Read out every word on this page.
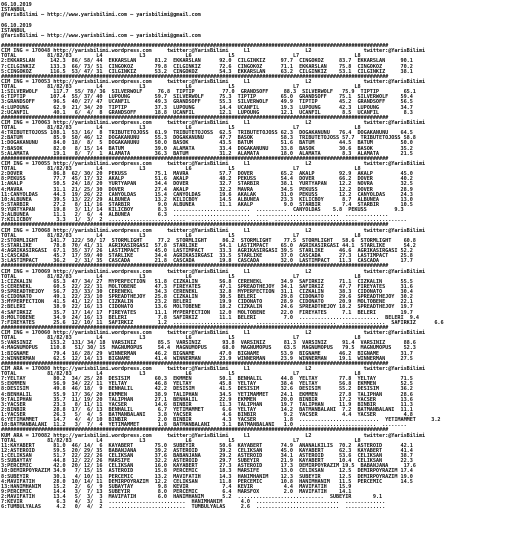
06.10.2019
ISTANBUL
@YarisBilimi — http://www.yarisbilimi.com — yarisbilimi@gmail.com

06.10.2019
ISTANBUL
@YarisBilimi — http://www.yarisbilimi.com — yarisbilimi@gmail.com

##############################################################################################################################
CIM ING = 170048 http://yarisbilimi.wordpress.com     twitter:@YarisBilimi     L1                  L2                 twitter:@YarisBilimi
TOTAL          81/82/83        L4            L3             L6            L5                   L7                  L8
2:EKKARSLAN     142.3  86/ 58/ 44  EKKARSLAN      81.2  EKKARSLAN      92.0  CILGINKIZ     97.7  CINGOKOZ     83.7  EKKARSLAN     90.1
7:CILGINKIZ     133.3  66/ 73/ 51  CINGOKOZ       79.8  CILGINKIZ      72.6  CINGOKOZ      71.1  EKKARSLAN    75.8  CINGOKOZ      70.2
5:CINGOKOZ      116.5  53/ 47/ 31  CILGINKIZ      53.2  CINGOKOZ       54.3  EKKARSLAN     63.2  CILGINKIZ    53.1  CILGINKIZ     38.1
##############################################################################################################################
CIM ING = 170053 http://yarisbilimi.wordpress.com     twitter:@YarisBilimi     L1                  L2                 twitter:@YarisBilimi
TOTAL          81/82/83        L4            L3             L6            L5                   L7                  L8
1:SILVERWOLF     117.7  55/ 78/ 36  SILVERWOLF     76.8  TIPTIP         77.0  GRANDSOFF     88.3  SILVERWOLF   75.9  TIPTIP        65.1
6:TIPTIP        107.4  55/ 37/ 40  LUPOUNG        59.7  SILVERWOLF     75.3  TIPTIP        65.0  GRANDSOFF    75.1  SILVERWOLF    59.4
3:GRANDSOFF      96.5  40/ 27/ 47  UCANFIL        49.3  GRANDSOFF      55.3  SILVERWOLF    49.9  TIPTIP       45.2  GRANDSOFF     56.5
4:LUPOUNG        62.9  21/ 34/ 20  TIPTIP         37.3  LUPOUNG        14.4  UCANFIL       19.3  LUPOUNG      42.3  LUPOUNG       34.7
2:UCANFIL        40.1   6/  4/  8  GRANDSOFF      18.8  UCANFIL        12.1  LUPOUNG       12.1  UCANFIL       8.5  UCANFIL        8.3
##############################################################################################################################
CIM ING = 170063 http://yarisbilimi.wordpress.com     twitter:@YarisBilimi     L1                  L2                 twitter:@YarisBilimi
TOTAL          81/82/83        L4            L3             L6            L5                   L7                  L8
4:TRIBUTETOJOSS 108.1  53/ 16/  8  TRIBUTETOJOSS  61.9  TRIBUTETOJOSS  62.5  TRIBUTETOJOSS 62.3  DOGAKANUNU   76.4  DOGAKANUNU    64.5
2:BATUM          85.9  50/ 46/ 12  DOGAKANUNU     55.3  DOGAKANUNU     47.7  BASOK         58.3  TRIBUTETOJOSS 57.7  TRIBUTETOJOSS 58.8
1:DOGAKANUNU     84.0  18/  8/  5  DOGAKANUNU     50.0  BASOK          43.5  BATUM         51.6  BATUM        44.5  BATUM         50.0
7:BASOK          82.0   8/ 15/ 14  BATUM          39.0  ALAMATA        33.4  DOGAKANUNU    33.8  BASOK        30.6  BASOK         35.2
5:ALAMATA        19.1   8/  7/  1  ALAMATA        36.3  BATUM          31.2  ALAMATA       18.0  ALAMATA       8.3  ALAMATA       21.5
##############################################################################################################################
CIM ING = 170055 http://yarisbilimi.wordpress.com     twitter:@YarisBilimi     L1                  L2                 twitter:@YarisBilimi
TOTAL          81/82/83        L4            L3             L6            L5                   L7                  L8
2:DOVER          86.8  62/ 30/ 20  PEKUSS         75.1  MAVRA          57.7  DOVER         65.2  AKALP        92.9  AKALP         45.0
8:PEKUSS         77.7  45/ 17/ 32  AKALP          51.6  AKALP          48.2  PEKUSS        54.4  DOVER        66.2  DOVER         40.2
1:AKALP          50.5  24/ 18/ 20  YURTYAPAN      34.4  DOVER          32.7  STARBIR       38.1  YURTYAPAN    12.2  NOVRA         32.5
4:MAVRA          31.1  21/ 25/ 30  DOVER          27.4  AKALP          32.2  MAVRA         34.5  PEKUSS       12.2  DOVER         28.9
11:CANYOLDAS     44.3  19/ 26/ 22  CANYOLDAS      15.4  CANYOLDAS      19.6  AKALAK        31.0  PEKUSS       12.2  CANYOLDAS     24.3
10:ALBUNEA       39.5  13/ 22/ 29  ALBUNEA        13.2  KILICBOY       14.5  ALBUNEA       23.3  KILICBOY      8.7  ALBUNEA       13.0
5:STARBIR        27.2   8/ 11/ 16  STARBIR         9.0  ALBUNEA        11.1  AKALP          9.0  STARBIR       7.4  STARBIR       10.5
9:YURTYAPAN      19.8   3/ 11/ 14  KILICBOY        8.3  .........................  ..........  CANYOLDAS    5.8  PEKUSS         9.3
3:ALBUNEA        11.1   2/  6/  4  ALBUNEA         6.3  .........................  ...........................  ..............
7:KILICBOY        3.3   1/  3/  2  .........................  .........................  ...........................  ..............
##############################################################################################################################
CIM ING = 170068 http://yarisbilimi.wordpress.com     twitter:@YarisBilimi     L1                  L2                 twitter:@YarisBilimi
TOTAL          81/82/83        L4            L3             L6            L5                   L7                  L8
2:STORMLIGHT    141.7  122/ 50/ 17  STORMLIGHT     77.2  STORMLIGHT     86.2  STORMLIGHT    77.5  STORMLIGHT   58.6  STORMLIGHT    60.8
5:STARLIKE       78.8  70/ 41/ 31  AGRIKASIRGASI  57.8  STARLIKE       54.1  LASTIMPACT    65.0  AGRIKASIRGASI 44.1  STARLIKE      54.2
4:AGRIKASIRGASI  67.1  35/ 37/ 26  LASTIMPACT     45.0  LASTIMPACT     33.3  AGRIKASIRGASI 39.5  STARLIKE     46.6  AGRIKASIRGASI 52.2
1:CASCADA        45.7  17/ 59/ 40  STARLIKE       34.4  AGRIKASIRGASI  33.5  STARLIKE      37.0  CASCADA      27.3  LASTIMPACT    25.8
3:LASTIMPACT     36.2   2/ 31/ 35  CASCADA        21.8  CASCADA        19.8  CASCADA       32.0  LASTIMPACT   11.3  CASCADA       17.7
##############################################################################################################################
CIM ING = 170069 http://yarisbilimi.wordpress.com     twitter:@YarisBilimi     L1                  L2                 twitter:@YarisBilimi
TOTAL          81/82/83        L4            L3             L6            L5                   L7                  L8
1:CIZKALIN       65.3  47/ 34/ 27  MYPERFECTION   51.8  CIZKALIN       56.8  CERENEKL      34.9  SAFIRKIZ     71.1  CIZKALIN      55.5
5:CERENEKL       60.5  22/ 22/ 31  MOLTOBENE      47.3  FIREYATES      47.1  SPREADTHEJOY  34.1  SAFIRKIZ     47.7  FIREYATES     31.6
9:SPREADTHEJOY   56.7  23/ 33/ 30  CERENEKL       34.3  CERENEKL       32.8  MYPERFECTION  31.1  CIZKALIN     38.3  CIDONATO      30.4
6:CIDONATO       49.1  22/ 23/ 10  SPREADTHEJOY   25.8  CIZKALIN       30.5  BELERI        29.8  CIDONATO     29.6  SPREADTHEJOY  30.2
3:MYPERFECTION   41.5  41/ 12/ 13  CIZKALIN       23.2  BELERI         19.9  CIDONATO      28.9  CIDONATO     20.9  MOLTOBENE     22.1
2:BELERI         38.9  22/ 16/ 13  CIDONATO       13.6  MOLTOBENE      18.2  CIZKALIN      24.6  SPREADTHEJOY 18.2  SPREADTHEJOY  19.7
4:SAFIRKIZ       35.7  17/ 14/ 17  FIREYATES      11.1  MYPERFECTION   12.0  MOLTOBENE     22.0  FIREYATES     7.1  BELERI        19.7
8:MOLTOBENE      34.9  24/ 16/ 13  BELERI          7.8  SAFIRKIZ       11.1  BELERI         7.0  ..........................  BELERI  9.4
7:FIREYATES      25.6  12/ 10/ 11  SAFIRKIZ        1.2  .........................  ..........................  ..............  SAFIRKIZ      6.6
##############################################################################################################################
CIM ING = 170060 http://yarisbilimi.wordpress.com     twitter:@YarisBilimi     L1                  L2                 twitter:@YarisBilimi
TOTAL          81/82/83        L4            L3             L6            L5                   L7                  L8
5:VARSINIZ      153.2  131/ 34/ 18  VARSINIZ       85.5  VARSINIZ       93.8  VARSINIZ      81.3  VARSINIZ     91.4  VARSINIZ      88.6
4:MAGNUMOPUS    110.8   51/ 30/ 15  MAGNUMOPUS     54.4  MAGNUMOPUS     68.0  MAGNUMOPUS    63.5  MAGNUMOPUS   79.5  MAGNUMOPUS    52.3
1:BIGNAME        79.4  16/ 28/ 29  WINNERMAN      46.2  BIGNAME        47.0  BIGNAME       53.9  BIGNAME      46.2  BIGNAME       31.7
2:WINNERMAN      62.5  12/ 14/ 13  BIGNAME        41.4  WINNERMAN      23.9  WINNERMAN     23.9  WINNERMAN    19.1  WINNERMAN     27.5
##############################################################################################################################
CIM ARA = 170080 http://yarisbilimi.wordpress.com     twitter:@YarisBilimi     L1                  L2                 twitter:@YarisBilimi
TOTAL          81/82/83        L4            L3             L6            L5                   L7                  L8
7:YELTAY         80.2  34/ 25/ 28  DESISIM        60.3  EKMMEN         50.1  BENHALIL      44.8  YELTAY       77.8  YELTAY        71.5
5:EKMMEN         56.9  34/ 22/ 11  YELTAY         46.8  YELTAY         45.8  YELTAY        38.4  YELTAY       56.8  EKMMEN        52.5
8:DESISIM        49.8  46/ 18/  9  BENHALIL       42.2  DESISIM        41.5  DESISIM       32.6  DESISIM      55.2  DESISIM       36.2
4:BENHALIL       55.9  17/ 36/ 20  EKMMEN         38.9  TALIPHAN       34.5  YETIMAMMET    24.1  EKMMEN       27.8  TALIPHAN      28.6
9:TALIPHAN       35.7  11/ 19/ 20  TALIPHAN       27.1  BENHALIL       22.9  EKMMEN        20.0  BINBIR       17.2  YACSER        13.6
3:YACSER         23.3   8/ 11/ 11  YACSER         14.6  BINBIR         11.3  TALIPHAN      19.7  TALIPHAN     11.9  BINBIR        11.3
2:BINBIR         28.8  17/  6/ 13  BENHALIL        6.7  YETIMAMMET      6.6  YELTAY        14.2  BATMANBALANI  7.2  BATMANBALANI  11.1
1:YACSER         26.3   5/  4/  5  BATMANBALANI    3.8  YACSER          4.6  BINBIR         9.2  YACSER        4.4  YACSER         4.8
6:YETIMAMMET     14.7   4/  4/ 10  BINBIR          2.0  BINBIR          4.3  YACSER         1.8  ..........................  YETIMAMMET     3.2
10:BATMANBALANI  11.2   3/  7/  4  YETIMAMMET      1.8  BATMANBALANI    3.1  BATMANBALANI   1.0  .........................  ........
##############################################################################################################################
KUM ARA = 170082 http://yarisbilimi.wordpress.com     twitter:@YarisBilimi     L1                  L2                 twitter:@YarisBilimi
TOTAL          81/82/83        L4            L3             L6            L5                   L7                  L8
11:KAYABERT      81.0  46/ 14/  6  KAYABERT       75.0  SUBEYIR        50.6  KAYABERT      74.9  ANANALKILIS  70.2  ASTEROID      42.1
12:ASTEROID      59.5  20/ 29/ 35  BABANJANA      39.2  ASTEROID       39.2  CELIKSAN      45.0  KAYABERT     62.3  KAYABERT      41.4
1:CELIKSAN       51.7  22/ 22/ 26  CELIKSAN       37.6  BABANJANA      29.2  ASTEROID      34.1  ASTEROID     53.6  CELIKSAN      38.7
5:SUBAYTAY       44.8  12/ 22/ 26  MARSIFE        32.2  ASTEROID       29.7  SUBEYIR       21.9  KAYABERT     10.4  CELIKSAN      22.3
3:PERCEMIC       42.0  20/ 12/ 16  CELIKSAN       16.0  KAYABERT       27.3  ASTEROID      17.3  DEMIRPOYRAZIM 19.5  BABANJANA     17.6
10:DEMIRPOYRAZIM 34.9   7/ 15/ 15  ASTEROID       15.8  PERCEMIC       18.3  MARSIFE       13.0  CELIKSAN     12.5  DEMIRPOYRAZIM 17.4
8:SUBEYIR        30.1   4/ 10/ 11  PERCEMIC       13.2  MAVIFATIH      14.3  HANIMHANIM    12.3  SUBEYIR      12.5  DEMIRPOYRAZIM 19.0
4:MAVIFATIH      28.0  10/ 14/ 11  DEMIRPOYRAZIM  12.2  CELIKSAN       11.8  PERCEMIC      10.8  HANIMHANIM   11.5  PERCEMIC      14.5
13:HANIMHANIM    15.2   2/  6/  9  SUBAYTAY        9.8  KEVIR           7.4  KEVIR          4.4  MAVIFATIH    15.9
9:PERCEMIC       14.4   3/  7/ 13  SUBEYIR         8.0  PERCEMIC        6.4  MARSFOX        2.0  MAVIFATIH    14.1
2:MAVIFATIH      13.4   5/  3/  3  MAVIFATIH       6.0  HANIMHANIM      5.2  ............................  SUBEYIR       9.1
7:KEVIR           6.3   4/  3/  1  .........................  HANIMHANIM      4.0  ...........................  .............
6:TUMBULYALAS     4.2   0/  4/  2  .........................  TUMBULYALAS     2.6  ...........................  .............
